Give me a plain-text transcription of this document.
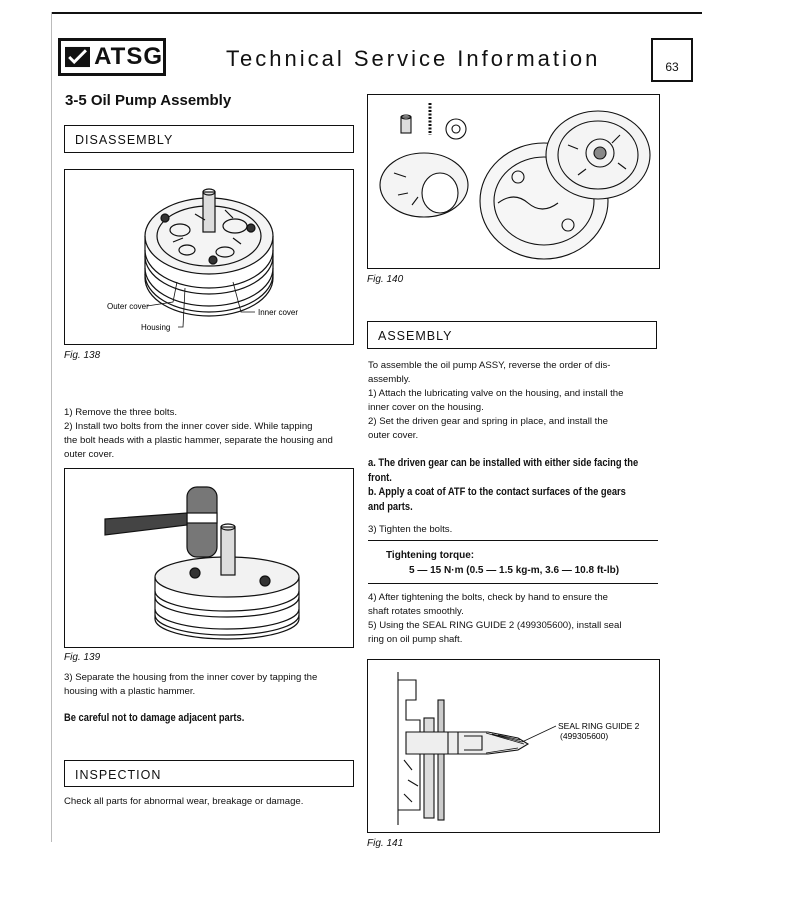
ATSG	Technical Service Information	63
3-5 Oil Pump Assembly
DISASSEMBLY
Outer cover
Inner cover
Housing
Fig. 138

1) Remove the three bolts.

2) Install two bolts from the inner cover side. While tapping

the bolt heads with a plastic hammer, separate the housing and

outer cover.

Fig. 139

3) Separate the housing from the inner cover by tapping the

housing with a plastic hammer.

Be careful not to damage adjacent parts.
INSPECTION
Check all parts for abnormal wear, breakage or damage.
Fig. 140
ASSEMBLY

To assemble the oil pump ASSY, reverse the order of dis-

assembly.

1) Attach the lubricating valve on the housing, and install the

inner cover on the housing.

2) Set the driven gear and spring in place, and install the

outer cover.

a. The driven gear can be installed with either side facing the

front.

b. Apply a coat of ATF to the contact surfaces of the gears

and parts.

3) Tighten the bolts.
Tightening torque:
5 — 15 N·m (0.5 — 1.5 kg-m, 3.6 — 10.8 ft-lb)

4) After tightening the bolts, check by hand to ensure the

shaft rotates smoothly.

5) Using the SEAL RING GUIDE 2 (499305600), install seal

ring on oil pump shaft.

SEAL RING GUIDE 2
(499305600)
Fig. 141
